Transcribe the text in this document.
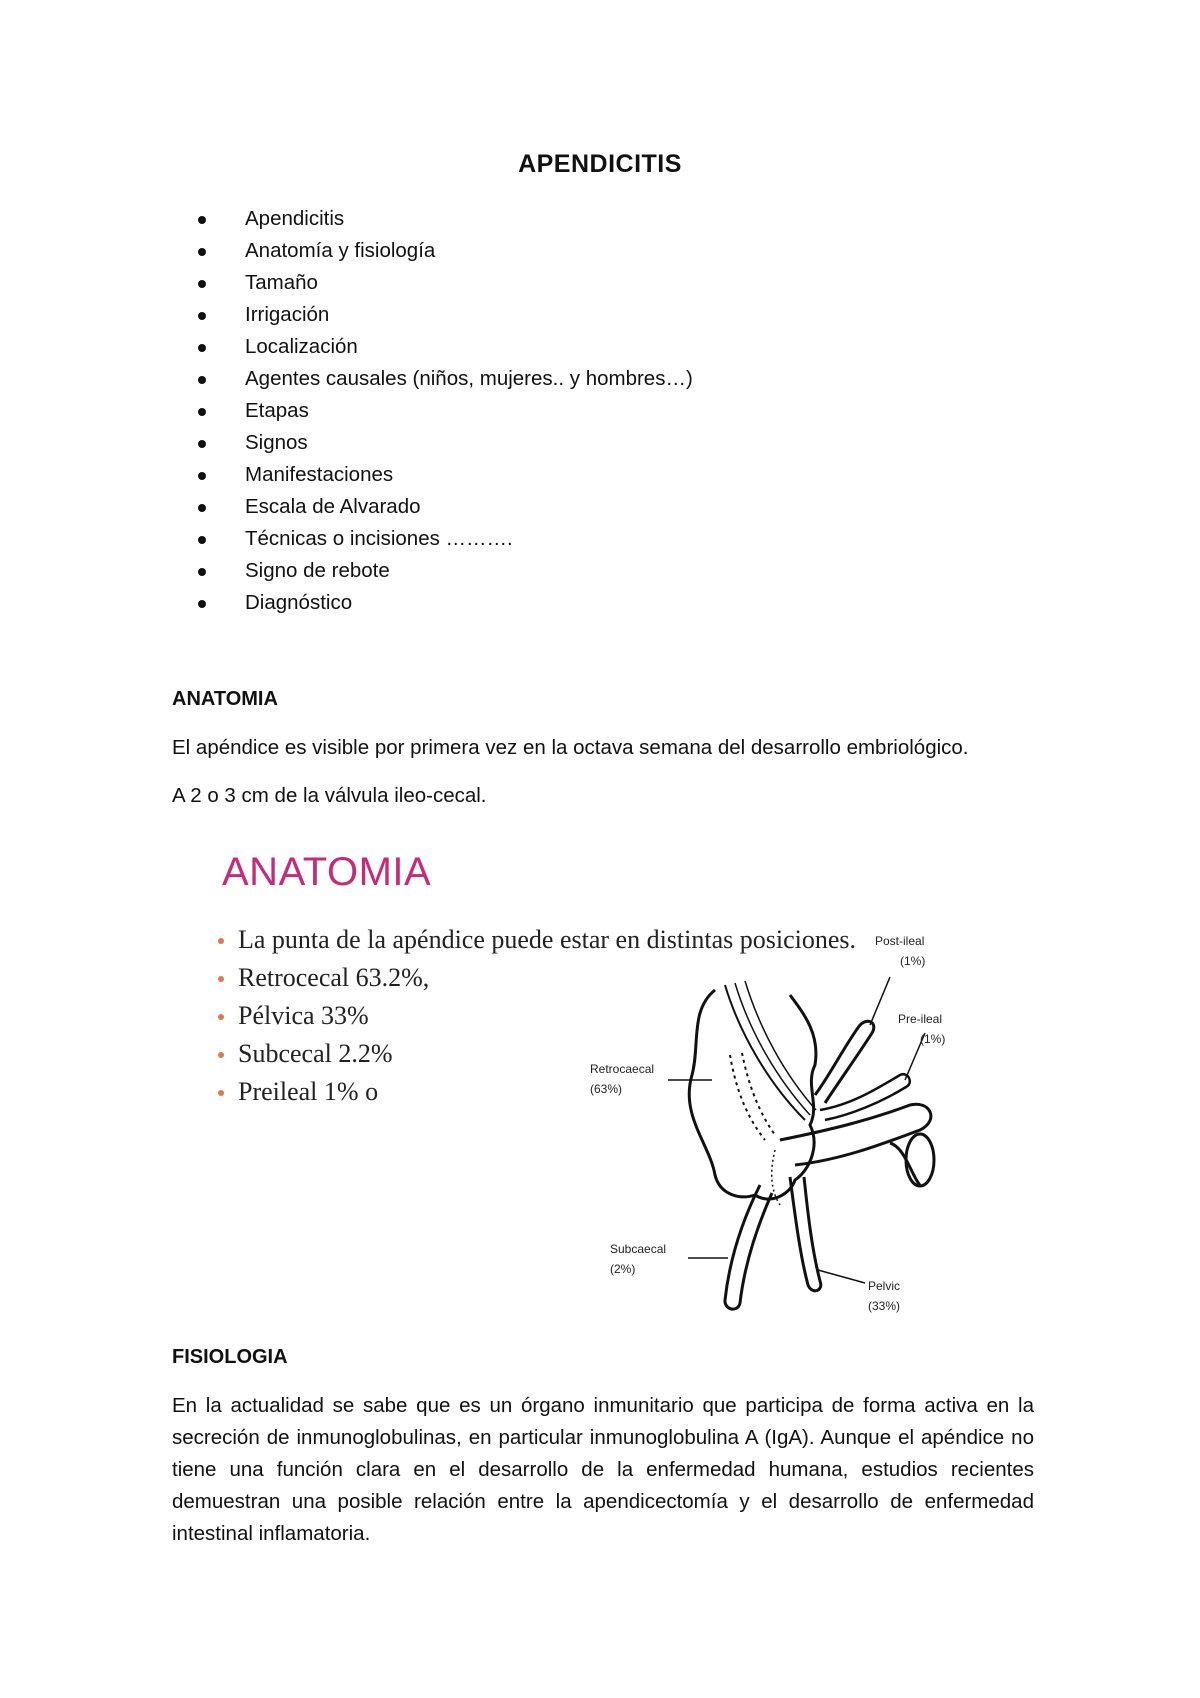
APENDICITIS
Apendicitis
Anatomía y fisiología
Tamaño
Irrigación
Localización
Agentes causales (niños, mujeres.. y hombres…)
Etapas
Signos
Manifestaciones
Escala de Alvarado
Técnicas o incisiones ……….
Signo de rebote
Diagnóstico
ANATOMIA
El apéndice es visible por primera vez en la octava semana del desarrollo embriológico.
A 2 o 3 cm de la válvula ileo-cecal.
ANATOMIA
La punta de la apéndice puede estar en distintas posiciones.
Retrocecal 63.2%,
Pélvica 33%
Subcecal 2.2%
Preileal 1% o
Post-ileal
(1%)
Pre-ileal
(1%)
Retrocaecal
(63%)
Subcaecal
(2%)
Pelvic
(33%)
FISIOLOGIA
En la actualidad se sabe que es un órgano inmunitario que participa de forma activa en la secreción de inmunoglobulinas, en particular inmunoglobulina A (IgA). Aunque el apéndice no tiene una función clara en el desarrollo de la enfermedad humana, estudios recientes demuestran una posible relación entre la apendicectomía y el desarrollo de enfermedad intestinal inflamatoria.
